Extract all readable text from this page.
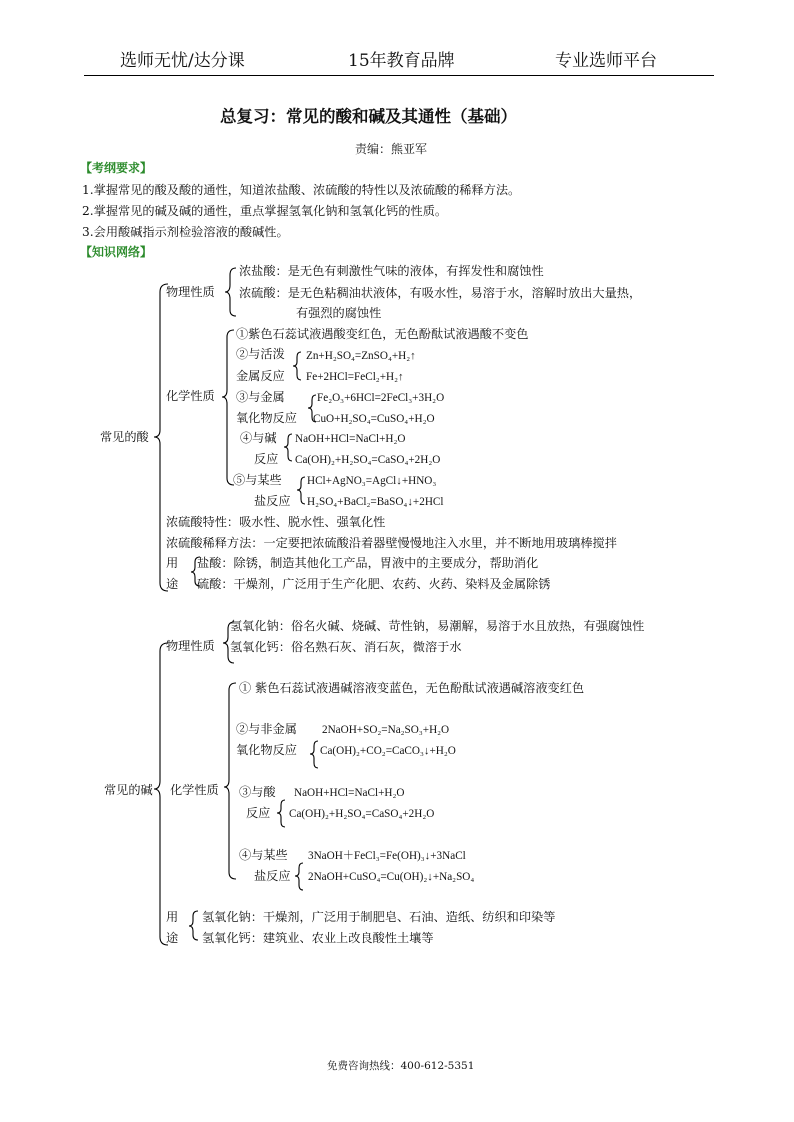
选师无忧/达分课	15年教育品牌	专业选师平台
总复习：常见的酸和碱及其通性（基础）
责编：熊亚军
【考纲要求】
1.掌握常见的酸及酸的通性，知道浓盐酸、浓硫酸的特性以及浓硫酸的稀释方法。
2.掌握常见的碱及碱的通性，重点掌握氢氧化钠和氢氧化钙的性质。
3.会用酸碱指示剂检验溶液的酸碱性。
【知识网络】
常见的酸
物理性质
浓盐酸：是无色有刺激性气味的液体，有挥发性和腐蚀性
浓硫酸：是无色粘稠油状液体，有吸水性，易溶于水，溶解时放出大量热，
有强烈的腐蚀性
化学性质
①紫色石蕊试液遇酸变红色，无色酚酞试液遇酸不变色
②与活泼
金属反应
Zn+H₂SO₄=ZnSO₄+H₂↑
Fe+2HCl=FeCl₂+H₂↑
③与金属
氧化物反应
Fe₂O₃+6HCl=2FeCl₃+3H₂O
CuO+H₂SO₄=CuSO₄+H₂O
④与碱
反应
NaOH+HCl=NaCl+H₂O
Ca(OH)₂+H₂SO₄=CaSO₄+2H₂O
⑤与某些
盐反应
HCl+AgNO₃=AgCl↓+HNO₃
H₂SO₄+BaCl₂=BaSO₄↓+2HCl
浓硫酸特性：吸水性、脱水性、强氧化性
浓硫酸稀释方法：一定要把浓硫酸沿着器壁慢慢地注入水里，并不断地用玻璃棒搅拌
用
途
盐酸：除锈，制造其他化工产品，胃液中的主要成分，帮助消化
硫酸：干燥剂，广泛用于生产化肥、农药、火药、染料及金属除锈
常见的碱
物理性质
氢氧化钠：俗名火碱、烧碱、苛性钠，易潮解，易溶于水且放热，有强腐蚀性
氢氧化钙：俗名熟石灰、消石灰，微溶于水
化学性质
① 紫色石蕊试液遇碱溶液变蓝色，无色酚酞试液遇碱溶液变红色
②与非金属
氧化物反应
2NaOH+SO₂=Na₂SO₃+H₂O
Ca(OH)₂+CO₂=CaCO₃↓+H₂O
③与酸
反应
NaOH+HCl=NaCl+H₂O
Ca(OH)₂+H₂SO₄=CaSO₄+2H₂O
④与某些
盐反应
3NaOH＋FeCl₃=Fe(OH)₃↓+3NaCl
2NaOH+CuSO₄=Cu(OH)₂↓+Na₂SO₄
用
途
氢氧化钠：干燥剂，广泛用于制肥皂、石油、造纸、纺织和印染等
氢氧化钙：建筑业、农业上改良酸性土壤等
免费咨询热线：400-612-5351
